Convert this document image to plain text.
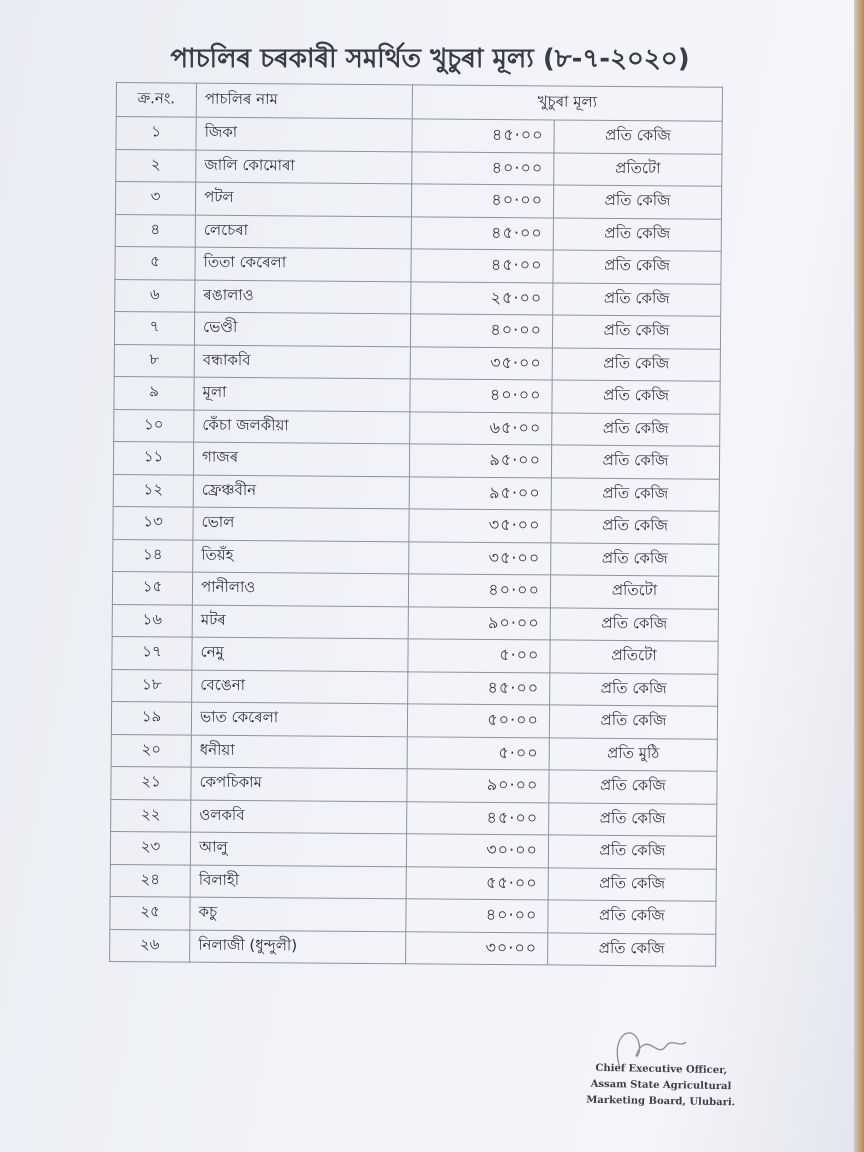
পাচলিৰ চৰকাৰী সমৰ্থিত খুচুৰা মূল্য (৮-৭-২০২০)
ক্র.নং.	পাচলিৰ নাম	খুচুৰা মূল্য	
১	জিকা	৪৫·০০	প্ৰতি কেজি
২	জালি কোমোৰা	৪০·০০	প্ৰতিটো
৩	পটল	৪০·০০	প্ৰতি কেজি
৪	লেচেৰা	৪৫·০০	প্ৰতি কেজি
৫	তিতা কেৰেলা	৪৫·০০	প্ৰতি কেজি
৬	ৰঙালাও	২৫·০০	প্ৰতি কেজি
৭	ভেণ্ডী	৪০·০০	প্ৰতি কেজি
৮	বন্ধাকবি	৩৫·০০	প্ৰতি কেজি
৯	মূলা	৪০·০০	প্ৰতি কেজি
১০	কেঁচা জলকীয়া	৬৫·০০	প্ৰতি কেজি
১১	গাজৰ	৯৫·০০	প্ৰতি কেজি
১২	ফ্ৰেঞ্চবীন	৯৫·০০	প্ৰতি কেজি
১৩	ভোল	৩৫·০০	প্ৰতি কেজি
১৪	তিয়ঁহ	৩৫·০০	প্ৰতি কেজি
১৫	পানীলাও	৪০·০০	প্ৰতিটো
১৬	মটৰ	৯০·০০	প্ৰতি কেজি
১৭	নেমু	৫·০০	প্ৰতিটো
১৮	বেঙেনা	৪৫·০০	প্ৰতি কেজি
১৯	ভাত কেৰেলা	৫০·০০	প্ৰতি কেজি
২০	ধনীয়া	৫·০০	প্ৰতি মুঠি
২১	কেপচিকাম	৯০·০০	প্ৰতি কেজি
২২	ওলকবি	৪৫·০০	প্ৰতি কেজি
২৩	আলু	৩০·০০	প্ৰতি কেজি
২৪	বিলাহী	৫৫·০০	প্ৰতি কেজি
২৫	কচু	৪০·০০	প্ৰতি কেজি
২৬	নিলাজী (ধুন্দুলী)	৩০·০০	প্ৰতি কেজি
Chief Executive Officer,
Assam State Agricultural
Marketing Board, Ulubari.
